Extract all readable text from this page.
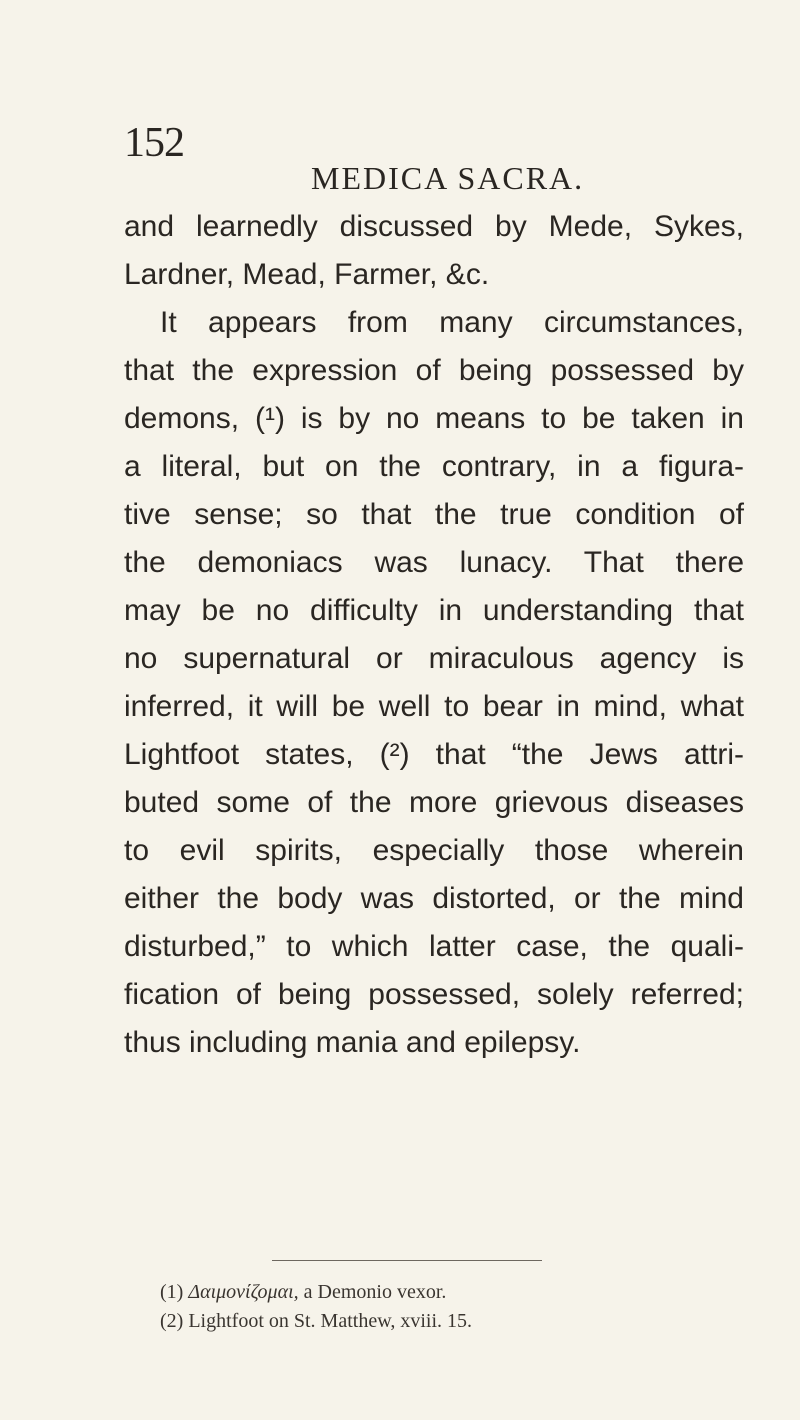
152
MEDICA SACRA.
and learnedly discussed by Mede, Sykes,
Lardner, Mead, Farmer, &c.
It appears from many circumstances,
that the expression of being possessed by
demons, (¹) is by no means to be taken in
a literal, but on the contrary, in a figura-
tive sense; so that the true condition of
the demoniacs was lunacy. That there
may be no difficulty in understanding that
no supernatural or miraculous agency is
inferred, it will be well to bear in mind, what
Lightfoot states, (²) that “the Jews attri-
buted some of the more grievous diseases
to evil spirits, especially those wherein
either the body was distorted, or the mind
disturbed,” to which latter case, the quali-
fication of being possessed, solely referred;
thus including mania and epilepsy.
(1) Δαιμονίζομαι, a Demonio vexor.
(2) Lightfoot on St. Matthew, xviii. 15.
